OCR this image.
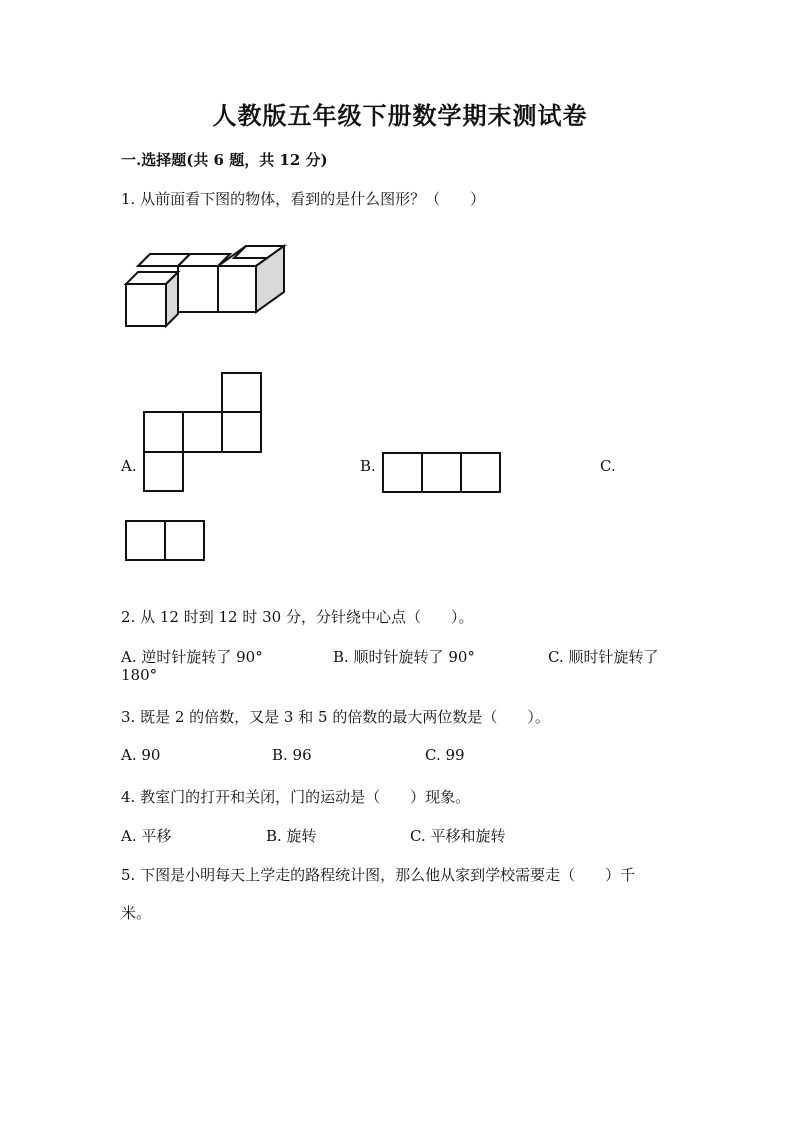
人教版五年级下册数学期末测试卷
一.选择题(共 6 题，共 12 分)
1. 从前面看下图的物体，看到的是什么图形？（　　）
A.	B.	C.
2. 从 12 时到 12 时 30 分，分针绕中心点（　　）。
A. 逆时针旋转了 90°	B. 顺时针旋转了 90°	C. 顺时针旋转了
180°
3. 既是 2 的倍数，又是 3 和 5 的倍数的最大两位数是（　　）。
A. 90	B. 96	C. 99
4. 教室门的打开和关闭，门的运动是（　　）现象。
A. 平移	B. 旋转	C. 平移和旋转
5. 下图是小明每天上学走的路程统计图，那么他从家到学校需要走（　　）千
米。
